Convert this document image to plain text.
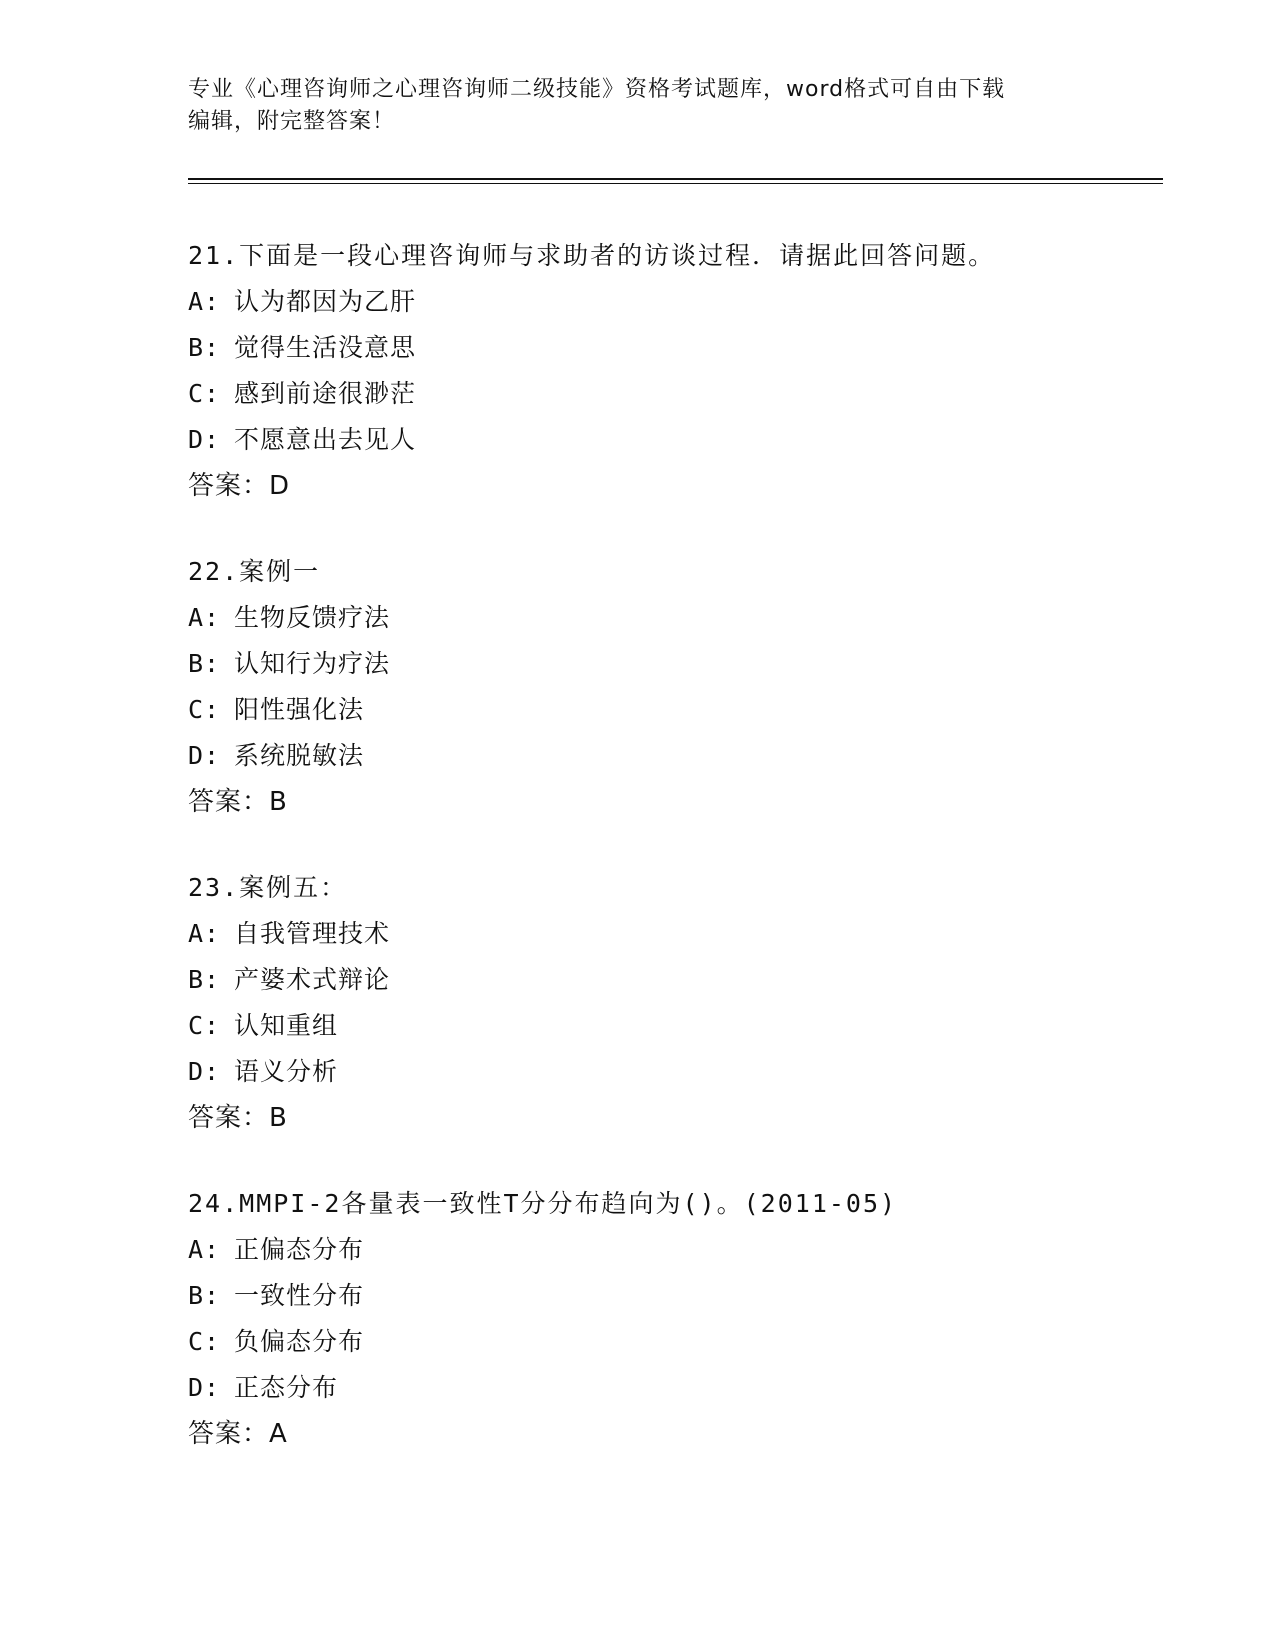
专业《心理咨询师之心理咨询师二级技能》资格考试题库，word格式可自由下载
编辑，附完整答案！
21.下面是一段心理咨询师与求助者的访谈过程．请据此回答问题。
A: 认为都因为乙肝
B: 觉得生活没意思
C: 感到前途很渺茫
D: 不愿意出去见人
答案：D
22.案例一
A: 生物反馈疗法
B: 认知行为疗法
C: 阳性强化法
D: 系统脱敏法
答案：B
23.案例五：
A: 自我管理技术
B: 产婆术式辩论
C: 认知重组
D: 语义分析
答案：B
24.MMPI-2各量表一致性T分分布趋向为()。(2011-05)
A: 正偏态分布
B: 一致性分布
C: 负偏态分布
D: 正态分布
答案：A
